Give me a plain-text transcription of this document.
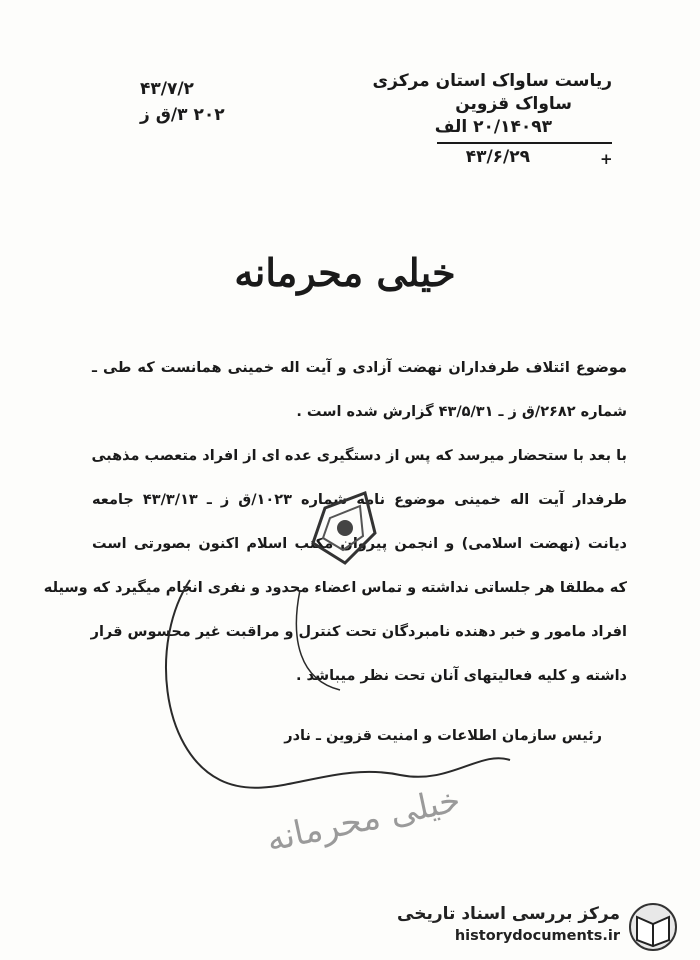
ریاست ساواک استان مرکزی
ساواک قزوین
۲۰/۱۴۰۹۳ الف
۴۳/۶/۲۹	+
۴۳/۷/۲
۲۰۲ ۳/ق ز
خیلی محرمانه
موضوع ائتلاف طرفداران نهضت آزادی و آیت اله خمینی همانست که طی ـ
شماره ۲۶۸۲/ق ز ـ ۴۳/۵/۳۱ گزارش شده است .
با بعد با ستحضار میرسد که پس از دستگیری عده ای از افراد متعصب مذهبی
طرفدار آیت اله خمینی موضوع نامه شماره ۱۰۲۳/ق ز ـ ۴۳/۳/۱۳ جامعه
دیانت (نهضت اسلامی) و انجمن پیروان مکتب اسلام اکنون بصورتی است
که مطلقا هر جلساتی نداشته و تماس اعضاء محدود و نفری انجام میگیرد که وسیله
افراد مامور و خبر دهنده نامبردگان تحت کنترل و مراقبت غیر محسوس قرار
داشته و کلیه فعالیتهای آنان تحت نظر میباشد .
رئیس سازمان اطلاعات و امنیت قزوین ـ نادر
خیلی محرمانه
مرکز بررسی اسناد تاریخی
historydocuments.ir
